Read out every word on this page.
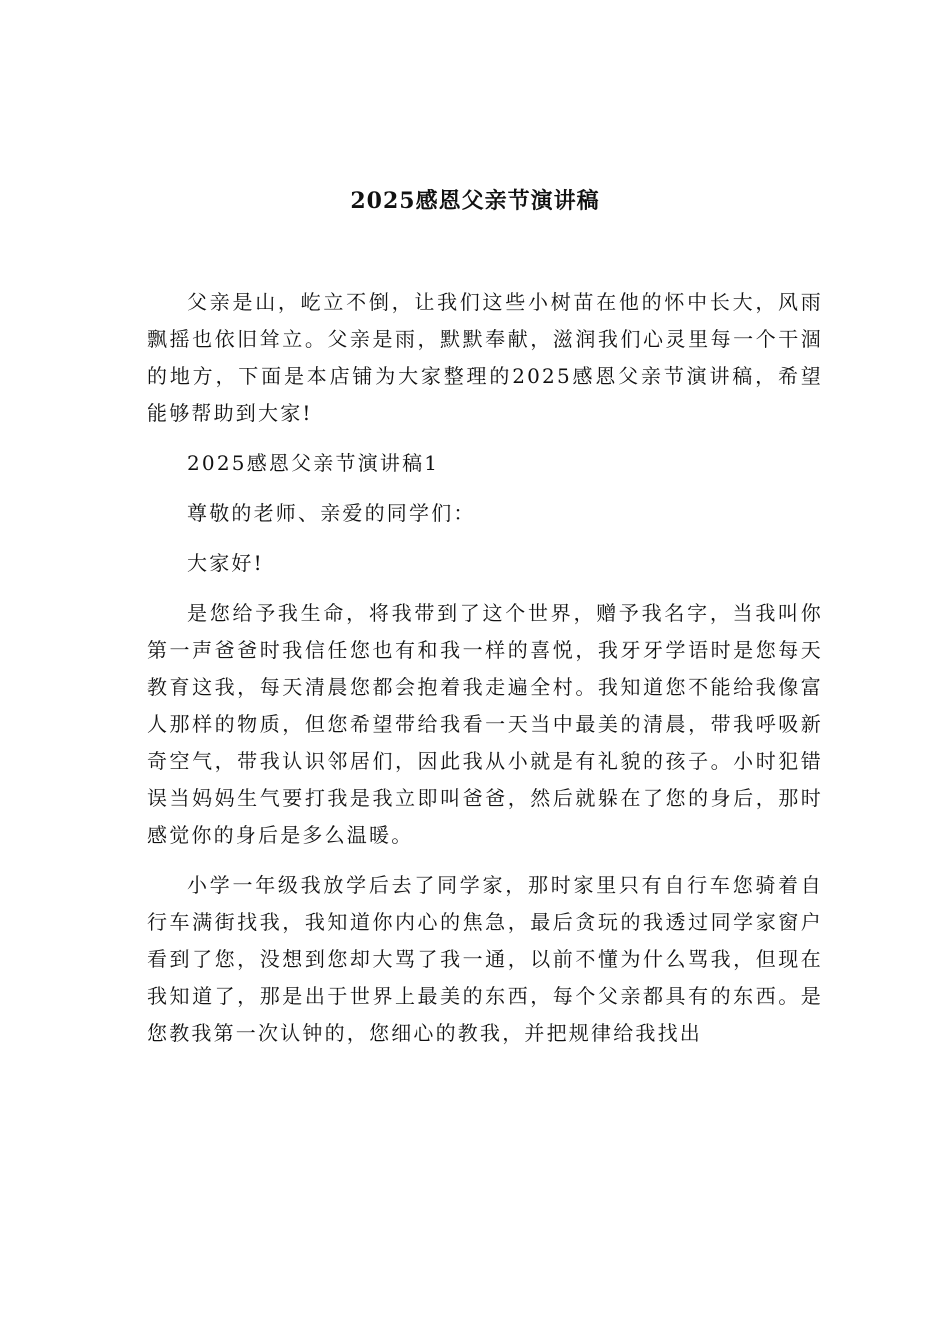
2025感恩父亲节演讲稿

父亲是山，屹立不倒，让我们这些小树苗在他的怀中长大，风雨飘摇也依旧耸立。父亲是雨，默默奉献，滋润我们心灵里每一个干涸的地方，下面是本店铺为大家整理的2025感恩父亲节演讲稿，希望能够帮助到大家!

2025感恩父亲节演讲稿1

尊敬的老师、亲爱的同学们：

大家好!

是您给予我生命，将我带到了这个世界，赠予我名字，当我叫你第一声爸爸时我信任您也有和我一样的喜悦，我牙牙学语时是您每天教育这我，每天清晨您都会抱着我走遍全村。我知道您不能给我像富人那样的物质，但您希望带给我看一天当中最美的清晨，带我呼吸新奇空气，带我认识邻居们，因此我从小就是有礼貌的孩子。小时犯错误当妈妈生气要打我是我立即叫爸爸，然后就躲在了您的身后，那时感觉你的身后是多么温暖。

小学一年级我放学后去了同学家，那时家里只有自行车您骑着自行车满街找我，我知道你内心的焦急，最后贪玩的我透过同学家窗户看到了您，没想到您却大骂了我一通，以前不懂为什么骂我，但现在我知道了，那是出于世界上最美的东西，每个父亲都具有的东西。是您教我第一次认钟的，您细心的教我，并把规律给我找出
